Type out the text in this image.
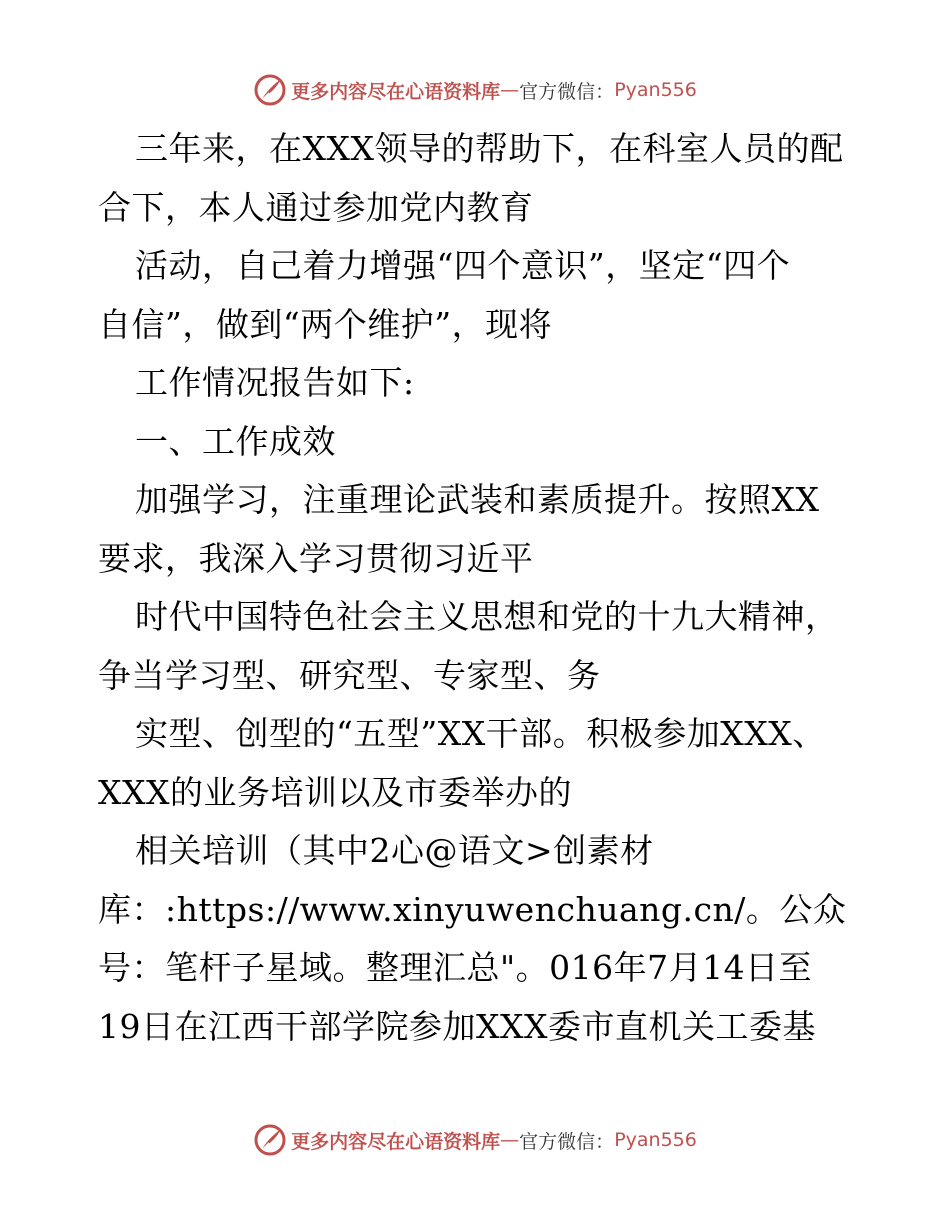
更多内容尽在心语资料库 — 官方微信： Pyan556
三年来，在XXX领导的帮助下，在科室人员的配
合下，本人通过参加党内教育
活动，自己着力增强“四个意识”，坚定“四个
自信”，做到“两个维护”，现将
工作情况报告如下:
一、工作成效
加强学习，注重理论武装和素质提升。按照XX
要求，我深入学习贯彻习近平
时代中国特色社会主义思想和党的十九大精神，
争当学习型、研究型、专家型、务
实型、创型的“五型”XX干部。积极参加XXX、
XXX的业务培训以及市委举办的
相关培训（其中2心@语文>创素材
库：:https://www.xinyuwenchuang.cn/。公众
号：笔杆子星域。整理汇总"。016年7月14日至
19日在江西干部学院参加XXX委市直机关工委基
更多内容尽在心语资料库 — 官方微信： Pyan556
